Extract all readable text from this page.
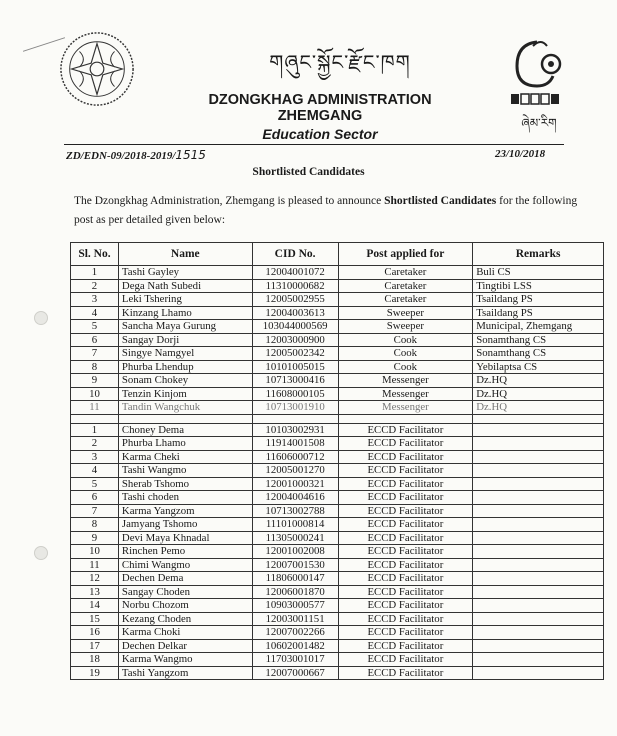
གཞུང་སྐྱོང་རྫོང་ཁག
DZONGKHAG ADMINISTRATION
ZHEMGANG
Education Sector
ཞེམ་རིག
ZD/EDN-09/2018-2019/1515	23/10/2018
Shortlisted Candidates
The Dzongkhag Administration, Zhemgang is pleased to announce Shortlisted Candidates for the following post as per detailed given below:
Sl. No.	Name	CID No.	Post applied for	Remarks
1	Tashi Gayley	12004001072	Caretaker	Buli CS
2	Dega Nath Subedi	11310000682	Caretaker	Tingtibi LSS
3	Leki Tshering	12005002955	Caretaker	Tsaildang PS
4	Kinzang Lhamo	12004003613	Sweeper	Tsaildang PS
5	Sancha Maya Gurung	103044000569	Sweeper	Municipal, Zhemgang
6	Sangay Dorji	12003000900	Cook	Sonamthang CS
7	Singye Namgyel	12005002342	Cook	Sonamthang CS
8	Phurba Lhendup	10101005015	Cook	Yebilaptsa CS
9	Sonam Chokey	10713000416	Messenger	Dz.HQ
10	Tenzin Kinjom	11608000105	Messenger	Dz.HQ
11	Tandin Wangchuk	10713001910	Messenger	Dz.HQ

1	Choney Dema	10103002931	ECCD Facilitator	
2	Phurba Lhamo	11914001508	ECCD Facilitator	
3	Karma Cheki	11606000712	ECCD Facilitator	
4	Tashi Wangmo	12005001270	ECCD Facilitator	
5	Sherab Tshomo	12001000321	ECCD Facilitator	
6	Tashi choden	12004004616	ECCD Facilitator	
7	Karma Yangzom	10713002788	ECCD Facilitator	
8	Jamyang Tshomo	11101000814	ECCD Facilitator	
9	Devi Maya Khnadal	11305000241	ECCD Facilitator	
10	Rinchen Pemo	12001002008	ECCD Facilitator	
11	Chimi Wangmo	12007001530	ECCD Facilitator	
12	Dechen Dema	11806000147	ECCD Facilitator	
13	Sangay Choden	12006001870	ECCD Facilitator	
14	Norbu Chozom	10903000577	ECCD Facilitator	
15	Kezang Choden	12003001151	ECCD Facilitator	
16	Karma Choki	12007002266	ECCD Facilitator	
17	Dechen Delkar	10602001482	ECCD Facilitator	
18	Karma Wangmo	11703001017	ECCD Facilitator	
19	Tashi Yangzom	12007000667	ECCD Facilitator	
